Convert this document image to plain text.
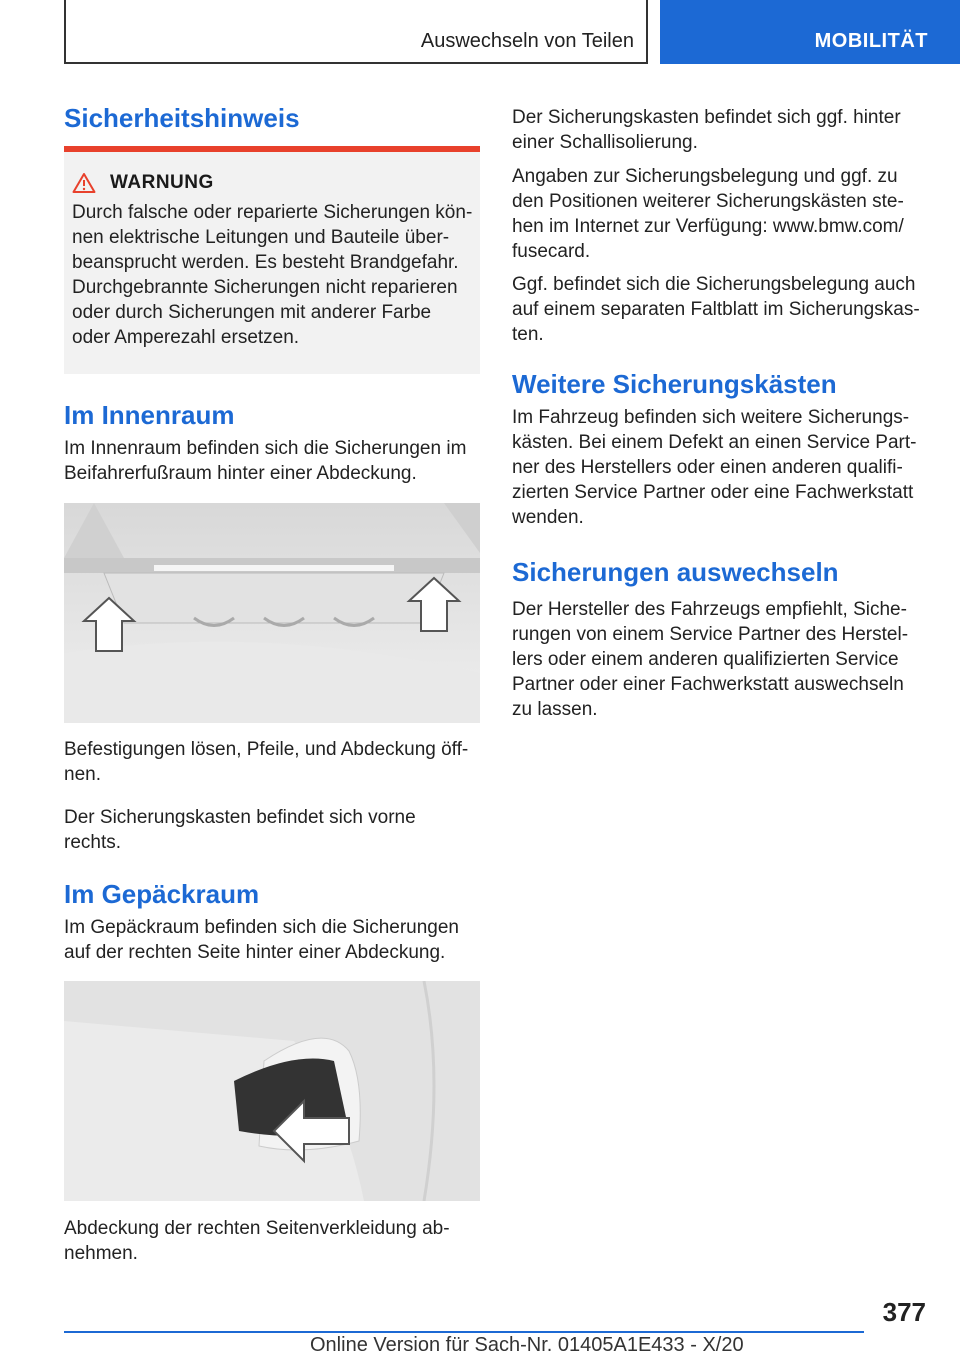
Auswechseln von Teilen	MOBILITÄT
Sicherheitshinweis
WARNUNG
Durch falsche oder reparierte Sicherungen kön-
nen elektrische Leitungen und Bauteile über-
beansprucht werden. Es besteht Brandgefahr.
Durchgebrannte Sicherungen nicht reparieren
oder durch Sicherungen mit anderer Farbe
oder Amperezahl ersetzen.
Im Innenraum

Im Innenraum befinden sich die Sicherungen im
Beifahrerfußraum hinter einer Abdeckung.

Befestigungen lösen, Pfeile, und Abdeckung öff-
nen.

Der Sicherungskasten befindet sich vorne
rechts.

Im Gepäckraum

Im Gepäckraum befinden sich die Sicherungen
auf der rechten Seite hinter einer Abdeckung.

Abdeckung der rechten Seitenverkleidung ab-
nehmen.

Der Sicherungskasten befindet sich ggf. hinter
einer Schallisolierung.

Angaben zur Sicherungsbelegung und ggf. zu
den Positionen weiterer Sicherungskästen ste-
hen im Internet zur Verfügung: www.bmw.com/
fusecard.

Ggf. befindet sich die Sicherungsbelegung auch
auf einem separaten Faltblatt im Sicherungskas-
ten.

Weitere Sicherungskästen

Im Fahrzeug befinden sich weitere Sicherungs-
kästen. Bei einem Defekt an einen Service Part-
ner des Herstellers oder einen anderen qualifi-
zierten Service Partner oder eine Fachwerkstatt
wenden.

Sicherungen auswechseln

Der Hersteller des Fahrzeugs empfiehlt, Siche-
rungen von einem Service Partner des Herstel-
lers oder einem anderen qualifizierten Service
Partner oder einer Fachwerkstatt auswechseln
zu lassen.

377
Online Version für Sach-Nr. 01405A1E433 - X/20
